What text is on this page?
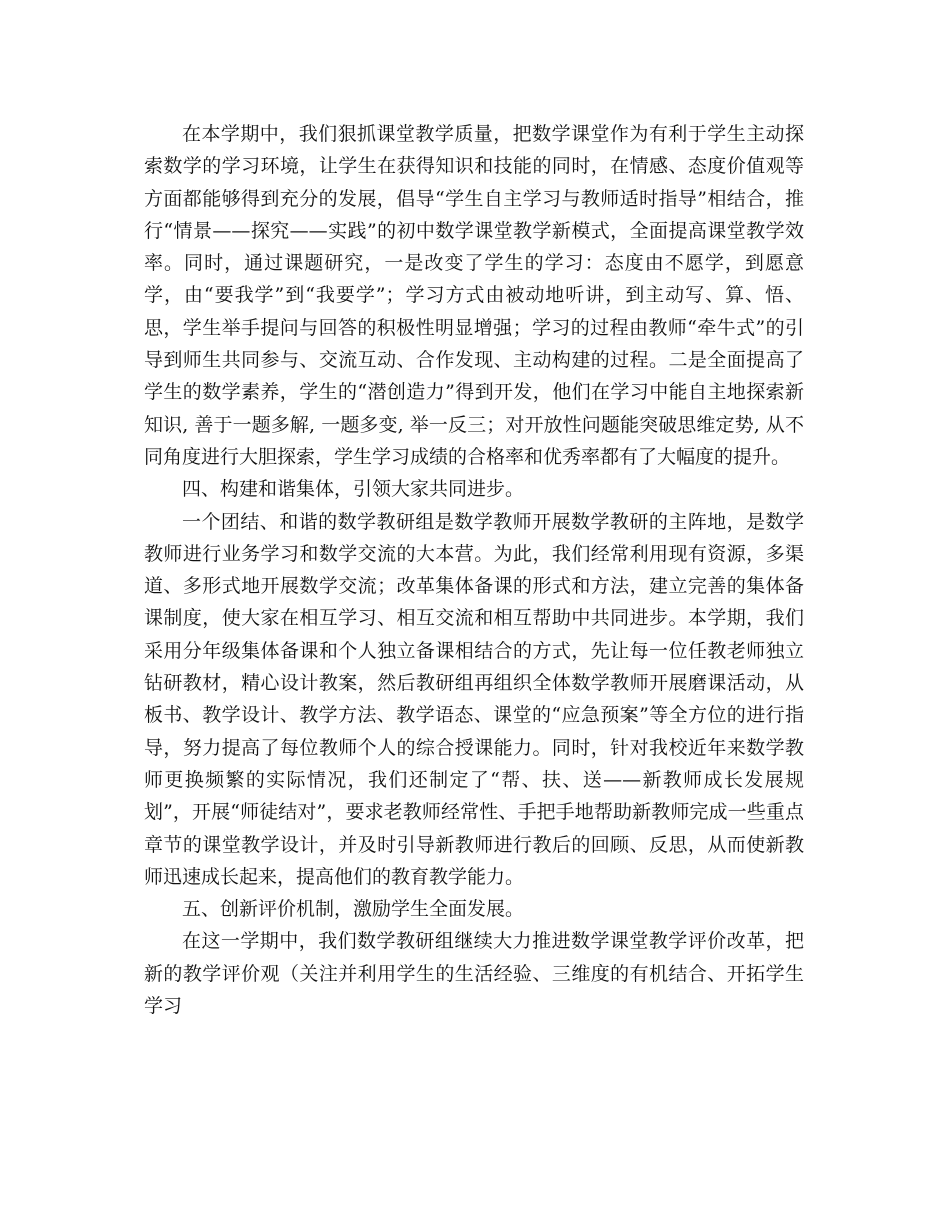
在本学期中，我们狠抓课堂教学质量，把数学课堂作为有利于学生主动探索数学的学习环境，让学生在获得知识和技能的同时，在情感、态度价值观等方面都能够得到充分的发展，倡导“学生自主学习与教师适时指导”相结合，推行“情景——探究——实践”的初中数学课堂教学新模式，全面提高课堂教学效率。同时，通过课题研究，一是改变了学生的学习：态度由不愿学，到愿意学，由“要我学”到“我要学”；学习方式由被动地听讲，到主动写、算、悟、思，学生举手提问与回答的积极性明显增强；学习的过程由教师“牵牛式”的引导到师生共同参与、交流互动、合作发现、主动构建的过程。二是全面提高了学生的数学素养，学生的“潜创造力”得到开发，他们在学习中能自主地探索新知识, 善于一题多解, 一题多变, 举一反三；对开放性问题能突破思维定势, 从不同角度进行大胆探索，学生学习成绩的合格率和优秀率都有了大幅度的提升。

四、构建和谐集体，引领大家共同进步。

一个团结、和谐的数学教研组是数学教师开展数学教研的主阵地，是数学教师进行业务学习和数学交流的大本营。为此，我们经常利用现有资源，多渠道、多形式地开展数学交流；改革集体备课的形式和方法，建立完善的集体备课制度，使大家在相互学习、相互交流和相互帮助中共同进步。本学期，我们采用分年级集体备课和个人独立备课相结合的方式，先让每一位任教老师独立钻研教材，精心设计教案，然后教研组再组织全体数学教师开展磨课活动，从板书、教学设计、教学方法、教学语态、课堂的“应急预案”等全方位的进行指导，努力提高了每位教师个人的综合授课能力。同时，针对我校近年来数学教师更换频繁的实际情况，我们还制定了“帮、扶、送——新教师成长发展规划”，开展“师徒结对”，要求老教师经常性、手把手地帮助新教师完成一些重点章节的课堂教学设计，并及时引导新教师进行教后的回顾、反思，从而使新教师迅速成长起来，提高他们的教育教学能力。

五、创新评价机制，激励学生全面发展。

在这一学期中，我们数学教研组继续大力推进数学课堂教学评价改革，把新的教学评价观（关注并利用学生的生活经验、三维度的有机结合、开拓学生学习
